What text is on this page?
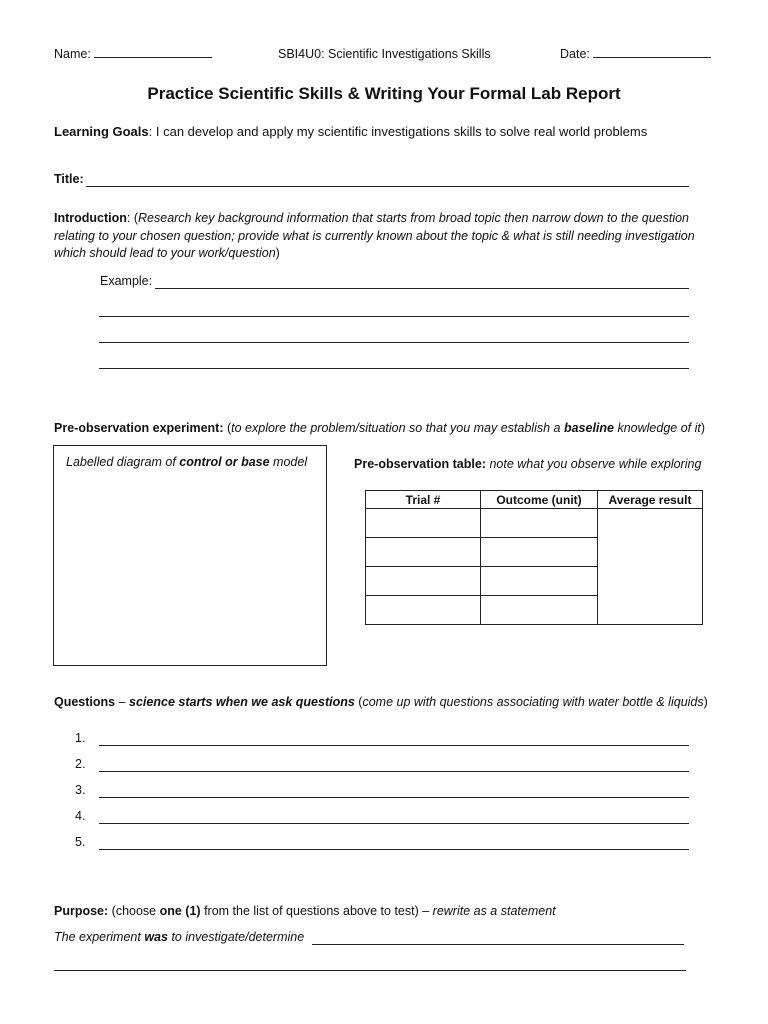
Name:	SBI4U0: Scientific Investigations Skills	Date:
Practice Scientific Skills & Writing Your Formal Lab Report
Learning Goals: I can develop and apply my scientific investigations skills to solve real world problems
Title:
Introduction: (Research key background information that starts from broad topic then narrow down to the question relating to your chosen question; provide what is currently known about the topic & what is still needing investigation which should lead to your work/question)
Example:
Pre-observation experiment: (to explore the problem/situation so that you may establish a baseline knowledge of it)
Labelled diagram of control or base model	Pre-observation table: note what you observe while exploring
Trial #	Outcome (unit)	Average result

Questions – science starts when we ask questions (come up with questions associating with water bottle & liquids)
1.
2.
3.
4.
5.
Purpose: (choose one (1) from the list of questions above to test) – rewrite as a statement
The experiment was to investigate/determine
